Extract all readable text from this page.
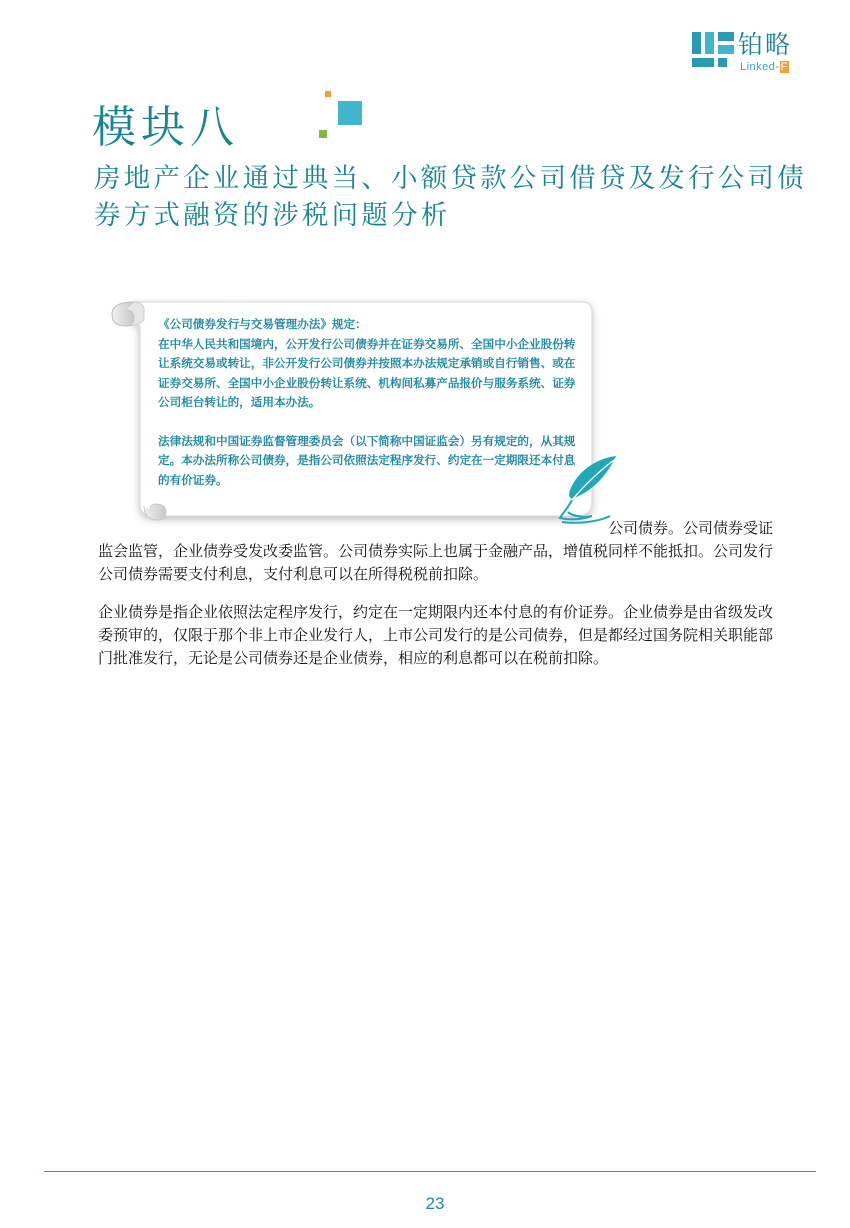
铂略
Linked-F
模块八
房地产企业通过典当、小额贷款公司借贷及发行公司债券方式融资的涉税问题分析

《公司债券发行与交易管理办法》规定：

在中华人民共和国境内，公开发行公司债券并在证券交易所、全国中小企业股份转让系统交易或转让，非公开发行公司债券并按照本办法规定承销或自行销售、或在证券交易所、全国中小企业股份转让系统、机构间私募产品报价与服务系统、证券公司柜台转让的，适用本办法。

法律法规和中国证券监督管理委员会（以下简称中国证监会）另有规定的，从其规定。本办法所称公司债券，是指公司依照法定程序发行、约定在一定期限还本付息的有价证券。

公司债券。公司债券受证监会监管，企业债券受发改委监管。公司债券实际上也属于金融产品，增值税同样不能抵扣。公司发行公司债券需要支付利息，支付利息可以在所得税税前扣除。

企业债券是指企业依照法定程序发行，约定在一定期限内还本付息的有价证券。企业债券是由省级发改委预审的，仅限于那个非上市企业发行人，上市公司发行的是公司债券，但是都经过国务院相关职能部门批准发行，无论是公司债券还是企业债券，相应的利息都可以在税前扣除。

23
